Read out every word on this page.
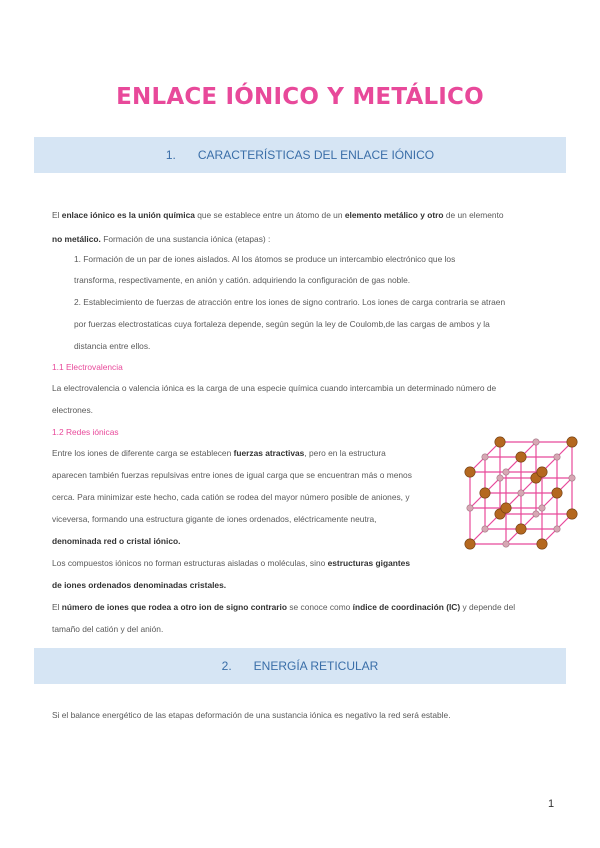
ENLACE IÓNICO Y METÁLICO
1. CARACTERÍSTICAS DEL ENLACE IÓNICO
El enlace iónico es la unión química que se establece entre un átomo de un elemento metálico y otro de un elemento
no metálico. Formación de una sustancia iónica (etapas) :
1. Formación de un par de iones aislados. Al los átomos se produce un intercambio electrónico que los
transforma, respectivamente, en anión y catión. adquiriendo la configuración de gas noble.
2. Establecimiento de fuerzas de atracción entre los iones de signo contrario. Los iones de carga contraria se atraen
por fuerzas electrostaticas cuya fortaleza depende, según según la ley de Coulomb,de las cargas de ambos y la
distancia entre ellos.
1.1 Electrovalencia
La electrovalencia o valencia iónica es la carga de una especie química cuando intercambia un determinado número de
electrones.
1.2 Redes iónicas
Entre los iones de diferente carga se establecen fuerzas atractivas, pero en la estructura
aparecen también fuerzas repulsivas entre iones de igual carga que se encuentran más o menos
cerca. Para minimizar este hecho, cada catión se rodea del mayor número posible de aniones, y
viceversa, formando una estructura gigante de iones ordenados, eléctricamente neutra,
denominada red o cristal iónico.
Los compuestos iónicos no forman estructuras aisladas o moléculas, sino estructuras gigantes
de iones ordenados denominadas cristales.
El número de iones que rodea a otro ion de signo contrario se conoce como índice de coordinación (IC) y depende del
tamaño del catión y del anión.
2. ENERGÍA RETICULAR
Si el balance energético de las etapas deformación de una sustancia iónica es negativo la red será estable.
1
